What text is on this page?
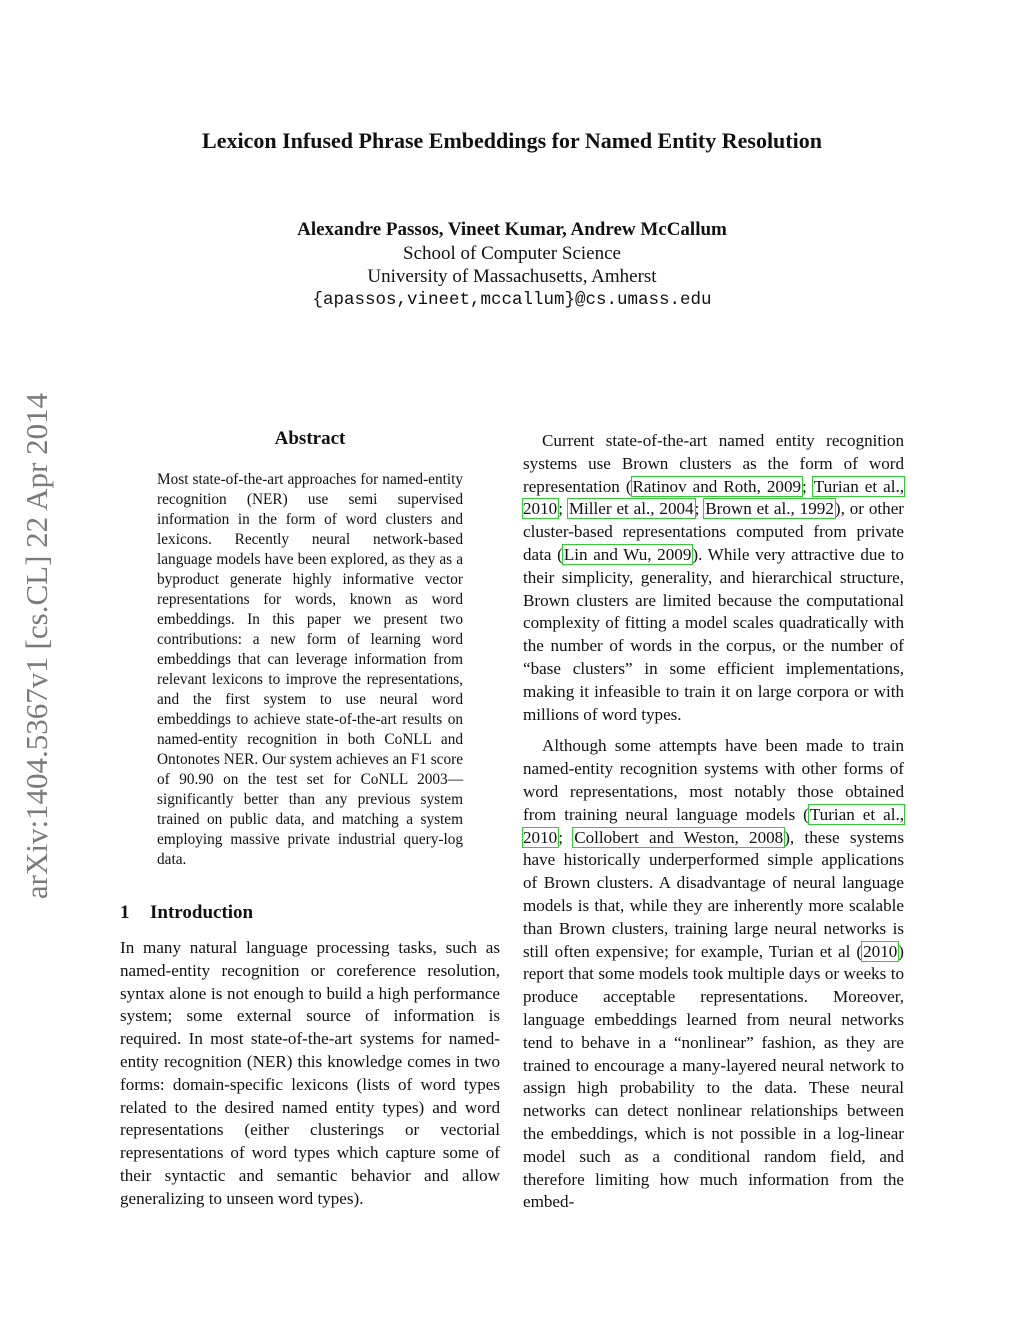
arXiv:1404.5367v1 [cs.CL] 22 Apr 2014
Lexicon Infused Phrase Embeddings for Named Entity Resolution
Alexandre Passos, Vineet Kumar, Andrew McCallum
School of Computer Science
University of Massachusetts, Amherst
{apassos,vineet,mccallum}@cs.umass.edu
Abstract

Most state-of-the-art approaches for named-entity recognition (NER) use semi supervised information in the form of word clusters and lexicons. Recently neural network-based language models have been explored, as they as a byproduct generate highly informative vector representations for words, known as word embeddings. In this paper we present two contributions: a new form of learning word embeddings that can leverage information from relevant lexicons to improve the representations, and the first system to use neural word embeddings to achieve state-of-the-art results on named-entity recognition in both CoNLL and Ontonotes NER. Our system achieves an F1 score of 90.90 on the test set for CoNLL 2003—significantly better than any previous system trained on public data, and matching a system employing massive private industrial query-log data.

1 Introduction

In many natural language processing tasks, such as named-entity recognition or coreference resolution, syntax alone is not enough to build a high performance system; some external source of information is required. In most state-of-the-art systems for named-entity recognition (NER) this knowledge comes in two forms: domain-specific lexicons (lists of word types related to the desired named entity types) and word representations (either clusterings or vectorial representations of word types which capture some of their syntactic and semantic behavior and allow generalizing to unseen word types).

Current state-of-the-art named entity recognition systems use Brown clusters as the form of word representation (Ratinov and Roth, 2009; Turian et al., 2010; Miller et al., 2004; Brown et al., 1992), or other cluster-based representations computed from private data (Lin and Wu, 2009). While very attractive due to their simplicity, generality, and hierarchical structure, Brown clusters are limited because the computational complexity of fitting a model scales quadratically with the number of words in the corpus, or the number of “base clusters” in some efficient implementations, making it infeasible to train it on large corpora or with millions of word types.

Although some attempts have been made to train named-entity recognition systems with other forms of word representations, most notably those obtained from training neural language models (Turian et al., 2010; Collobert and Weston, 2008), these systems have historically underperformed simple applications of Brown clusters. A disadvantage of neural language models is that, while they are inherently more scalable than Brown clusters, training large neural networks is still often expensive; for example, Turian et al (2010) report that some models took multiple days or weeks to produce acceptable representations. Moreover, language embeddings learned from neural networks tend to behave in a “nonlinear” fashion, as they are trained to encourage a many-layered neural network to assign high probability to the data. These neural networks can detect nonlinear relationships between the embeddings, which is not possible in a log-linear model such as a conditional random field, and therefore limiting how much information from the embed-
